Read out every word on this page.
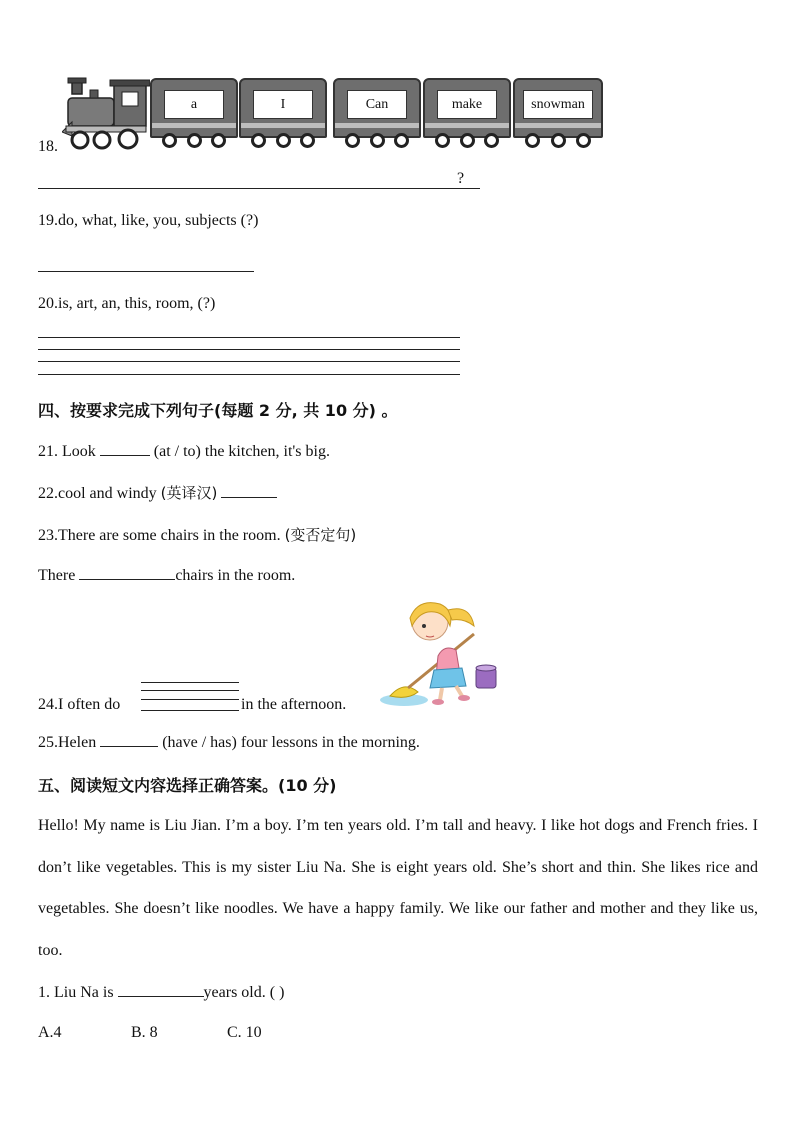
a	I	Can	make	snowman
18.
?
19.do, what, like, you, subjects (?)
20.is, art, an, this, room, (?)
四、按要求完成下列句子(每题 2 分, 共 10 分) 。
21. Look	(at / to) the kitchen, it's big.
22.cool and windy (英译汉)
23.There are some chairs in the room. (变否定句)
There	chairs in the room.
24.I often do	in the afternoon.
25.Helen	(have / has) four lessons in the morning.
五、阅读短文内容选择正确答案。(10 分)
Hello! My name is Liu Jian. I’m a boy. I’m ten years old. I’m tall and heavy. I like hot dogs and French fries. I don’t like vegetables. This is my sister Liu Na. She is eight years old. She’s short and thin. She likes rice and vegetables. She doesn’t like noodles. We have a happy family. We like our father and mother and they like us, too.
1. Liu Na is	years old. ( )
A.4	B. 8	C. 10
